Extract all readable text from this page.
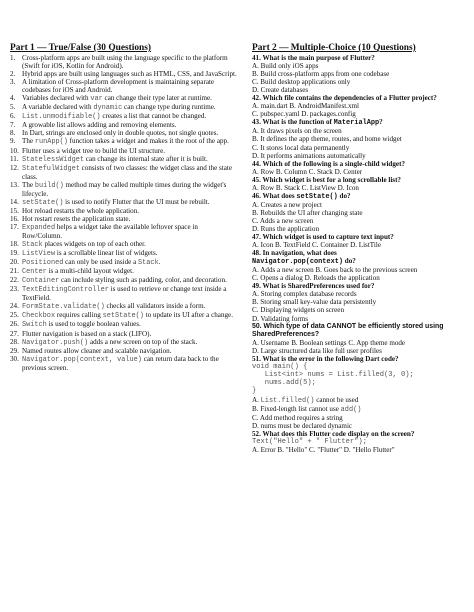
Part 1 — True/False (30 Questions)
1. Cross-platform apps are built using the language specific to the platform (Swift for iOS, Kotlin for Android).
2. Hybrid apps are built using languages such as HTML, CSS, and JavaScript.
3. A limitation of Cross-platform development is maintaining separate codebases for iOS and Android.
4. Variables declared with var can change their type later at runtime.
5. A variable declared with dynamic can change type during runtime.
6. List.unmodifiable() creates a list that cannot be changed.
7. A growable list allows adding and removing elements.
8. In Dart, strings are enclosed only in double quotes, not single quotes.
9. The runApp() function takes a widget and makes it the root of the app.
10. Flutter uses a widget tree to build the UI structure.
11. StatelessWidget can change its internal state after it is built.
12. StatefulWidget consists of two classes: the widget class and the state class.
13. The build() method may be called multiple times during the widget's lifecycle.
14. setState() is used to notify Flutter that the UI must be rebuilt.
15. Hot reload restarts the whole application.
16. Hot restart resets the application state.
17. Expanded helps a widget take the available leftover space in Row/Column.
18. Stack places widgets on top of each other.
19. ListView is a scrollable linear list of widgets.
20. Positioned can only be used inside a Stack.
21. Center is a multi-child layout widget.
22. Container can include styling such as padding, color, and decoration.
23. TextEditingController is used to retrieve or change text inside a TextField.
24. FormState.validate() checks all validators inside a form.
25. Checkbox requires calling setState() to update its UI after a change.
26. Switch is used to toggle boolean values.
27. Flutter navigation is based on a stack (LIFO).
28. Navigator.push() adds a new screen on top of the stack.
29. Named routes allow cleaner and scalable navigation.
30. Navigator.pop(context, value) can return data back to the previous screen.
Part 2 — Multiple-Choice (10 Questions)
41. What is the main purpose of Flutter?
A. Build only iOS apps
B. Build cross-platform apps from one codebase
C. Build desktop applications only
D. Create databases
42. Which file contains the dependencies of a Flutter project?
A. main.dart B. AndroidManifest.xml
C. pubspec.yaml D. packages.config
43. What is the function of MaterialApp?
A. It draws pixels on the screen
B. It defines the app theme, routes, and home widget
C. It stores local data permanently
D. It performs animations automatically
44. Which of the following is a single-child widget?
A. Row B. Column C. Stack D. Center
45. Which widget is best for a long scrollable list?
A. Row B. Stack C. ListView D. Icon
46. What does setState() do?
A. Creates a new project
B. Rebuilds the UI after changing state
C. Adds a new screen
D. Runs the application
47. Which widget is used to capture text input?
A. Icon B. TextField C. Container D. ListTile
48. In navigation, what does
Navigator.pop(context) do?
A. Adds a new screen B. Goes back to the previous screen
C. Opens a dialog D. Reloads the application
49. What is SharedPreferences used for?
A. Storing complex database records
B. Storing small key-value data persistently
C. Displaying widgets on screen
D. Validating forms
50. Which type of data CANNOT be efficiently stored using SharedPreferences?
A. Username B. Boolean settings C. App theme mode
D. Large structured data like full user profiles
51. What is the error in the following Dart code?
void main() {
List<int> nums = List.filled(3, 0);
nums.add(5);
}
A. List.filled() cannot be used
B. Fixed-length list cannot use add()
C. Add method requires a string
D. nums must be declared dynamic
52. What does this Flutter code display on the screen?
Text("Hello" + " Flutter");
A. Error B. "Hello" C. "Flutter" D. "Hello Flutter"
